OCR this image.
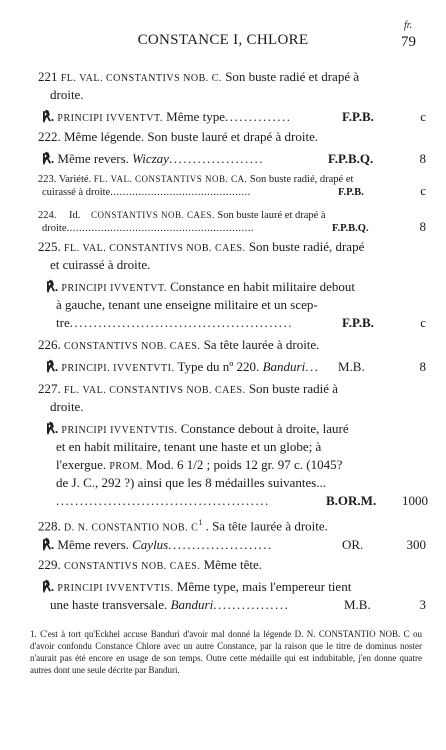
CONSTANCE I, CHLORE	79
fr.
221 FL. VAL. CONSTANTIVS NOB. C. Son buste radié et drapé à
droite.
℟. PRINCIPI IVVENTVT. Même type..............	F.P.B.	c
222. Même légende. Son buste lauré et drapé à droite.
℟. Même revers. Wiczay....................	F.P.B.Q.	8
223. Variété. FL. VAL. CONSTANTIVS NOB. CA. Son buste radié, drapé et
cuirassé à droite.............................................	F.P.B.	c
224. Id. CONSTANTIVS NOB. CAES. Son buste lauré et drapé à
droite............................................................	F.P.B.Q.	8
225. FL. VAL. CONSTANTIVS NOB. CAES. Son buste radié, drapé
et cuirassé à droite.
℟. PRINCIPI IVVENTVT. Constance en habit militaire debout
à gauche, tenant une enseigne militaire et un scep-
tre...............................................	F.P.B.	c
226. CONSTANTIVS NOB. CAES. Sa tête laurée à droite.
℟. PRINCIPI. IVVENTVTI. Type du nº 220. Banduri... M.B.	8
227. FL. VAL. CONSTANTIVS NOB. CAES. Son buste radié à
droite.
℟. PRINCIPI IVVENTVTIS. Constance debout à droite, lauré
et en habit militaire, tenant une haste et un globe; à
l'exergue. PROM. Mod. 6 1/2 ; poids 12 gr. 97 c. (1045?
de J. C., 292 ?) ainsi que les 8 médailles suivantes...
.............................................	B.OR.M.	1000
228. D. N. CONSTANTIO NOB. $C^1$ . Sa tête laurée à droite.
℟. Même revers. Caylus......................	OR.	300
229. CONSTANTIVS NOB. CAES. Même tête.
℟. PRINCIPI IVVENTVTIS. Même type, mais l'empereur tient
une haste transversale. Banduri................	M.B.	3
1. C'est à tort qu'Eckhel accuse Banduri d'avoir mal donné la légende D. N. CONSTANTIO NOB. C ou d'avoir confondu Constance Chlore avec un autre Constance, par la raison que le titre de dominus noster n'aurait pas été encore en usage de son temps. Outre cette médaille qui est indubitable, j'en donne quatre autres dont une seule décrite par Banduri.
